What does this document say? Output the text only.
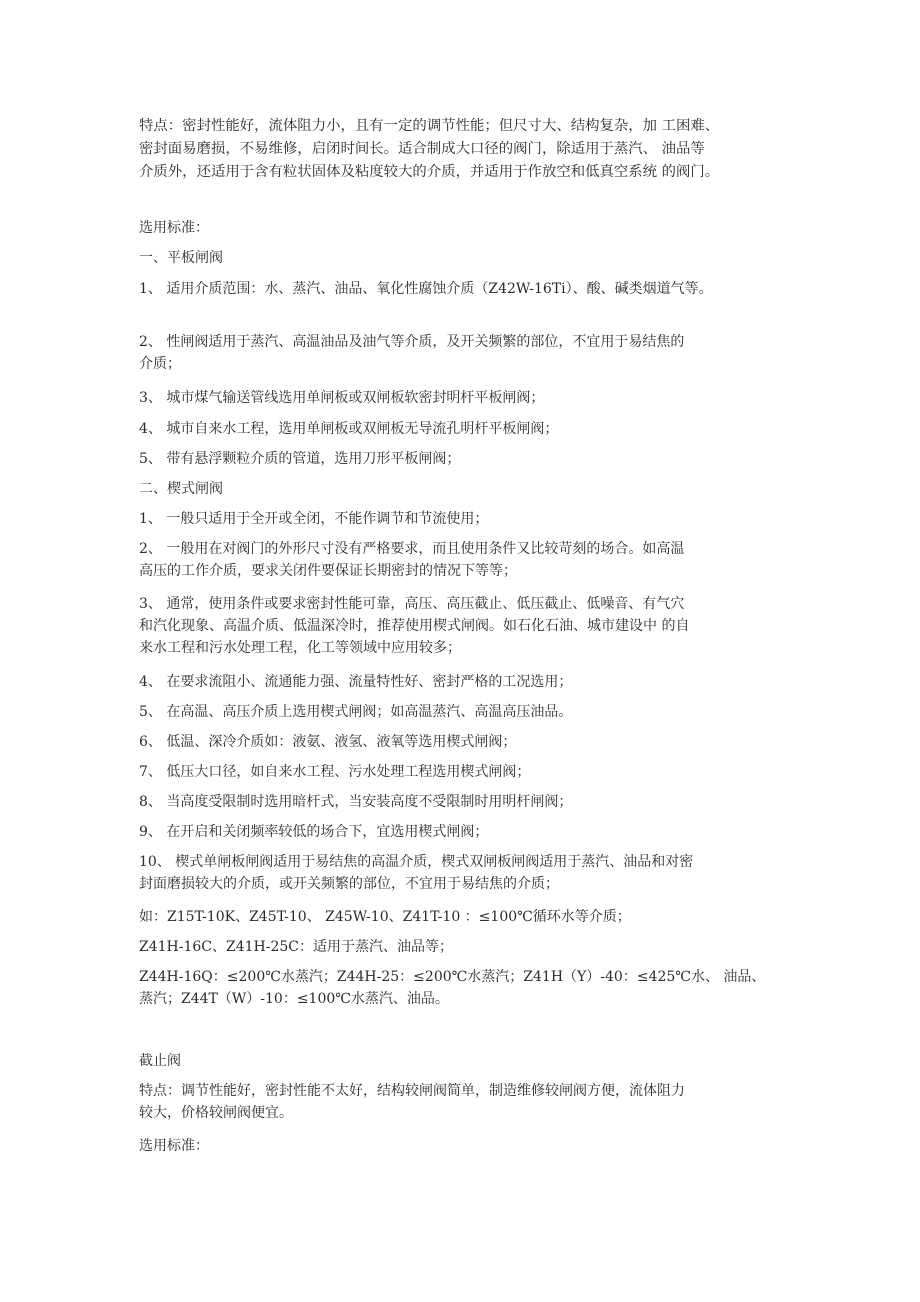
特点：密封性能好，流体阻力小，且有一定的调节性能；但尺寸大、结构复杂，加 工困难、
密封面易磨损，不易维修，启闭时间长。适合制成大口径的阀门，除适用于蒸汽、 油品等
介质外，还适用于含有粒状固体及粘度较大的介质，并适用于作放空和低真空系统 的阀门。
选用标准：
一、平板闸阀
1、 适用介质范围：水、蒸汽、油品、氧化性腐蚀介质（Z42W-16Ti）、酸、碱类烟道气等。
2、 性闸阀适用于蒸汽、高温油品及油气等介质，及开关频繁的部位，不宜用于易结焦的
介质；
3、 城市煤气输送管线选用单闸板或双闸板软密封明杆平板闸阀；
4、 城市自来水工程，选用单闸板或双闸板无导流孔明杆平板闸阀；
5、 带有悬浮颗粒介质的管道，选用刀形平板闸阀；
二、楔式闸阀
1、 一般只适用于全开或全闭，不能作调节和节流使用；
2、 一般用在对阀门的外形尺寸没有严格要求，而且使用条件又比较苛刻的场合。如高温
高压的工作介质，要求关闭件要保证长期密封的情况下等等；
3、 通常，使用条件或要求密封性能可靠，高压、高压截止、低压截止、低噪音、有气穴
和汽化现象、高温介质、低温深冷时，推荐使用楔式闸阀。如石化石油、城市建设中 的自
来水工程和污水处理工程，化工等领域中应用较多；
4、 在要求流阻小、流通能力强、流量特性好、密封严格的工况选用；
5、 在高温、高压介质上选用楔式闸阀；如高温蒸汽、高温高压油品。
6、 低温、深冷介质如：液氨、液氢、液氧等选用楔式闸阀；
7、 低压大口径，如自来水工程、污水处理工程选用楔式闸阀；
8、 当高度受限制时选用暗杆式，当安装高度不受限制时用明杆闸阀；
9、 在开启和关闭频率较低的场合下，宜选用楔式闸阀；
10、 楔式单闸板闸阀适用于易结焦的高温介质，楔式双闸板闸阀适用于蒸汽、油品和对密
封面磨损较大的介质，或开关频繁的部位，不宜用于易结焦的介质；
如：Z15T-10K、Z45T-10、 Z45W-10、Z41T-10 ：≤100℃循环水等介质；
Z41H-16C、Z41H-25C：适用于蒸汽、油品等；
Z44H-16Q：≤200℃水蒸汽；Z44H-25：≤200℃水蒸汽；Z41H（Y）-40：≤425℃水、 油品、
蒸汽；Z44T（W）-10：≤100℃水蒸汽、油品。
截止阀
特点：调节性能好，密封性能不太好，结构较闸阀简单，制造维修较闸阀方便，流体阻力
较大，价格较闸阀便宜。
选用标准：
